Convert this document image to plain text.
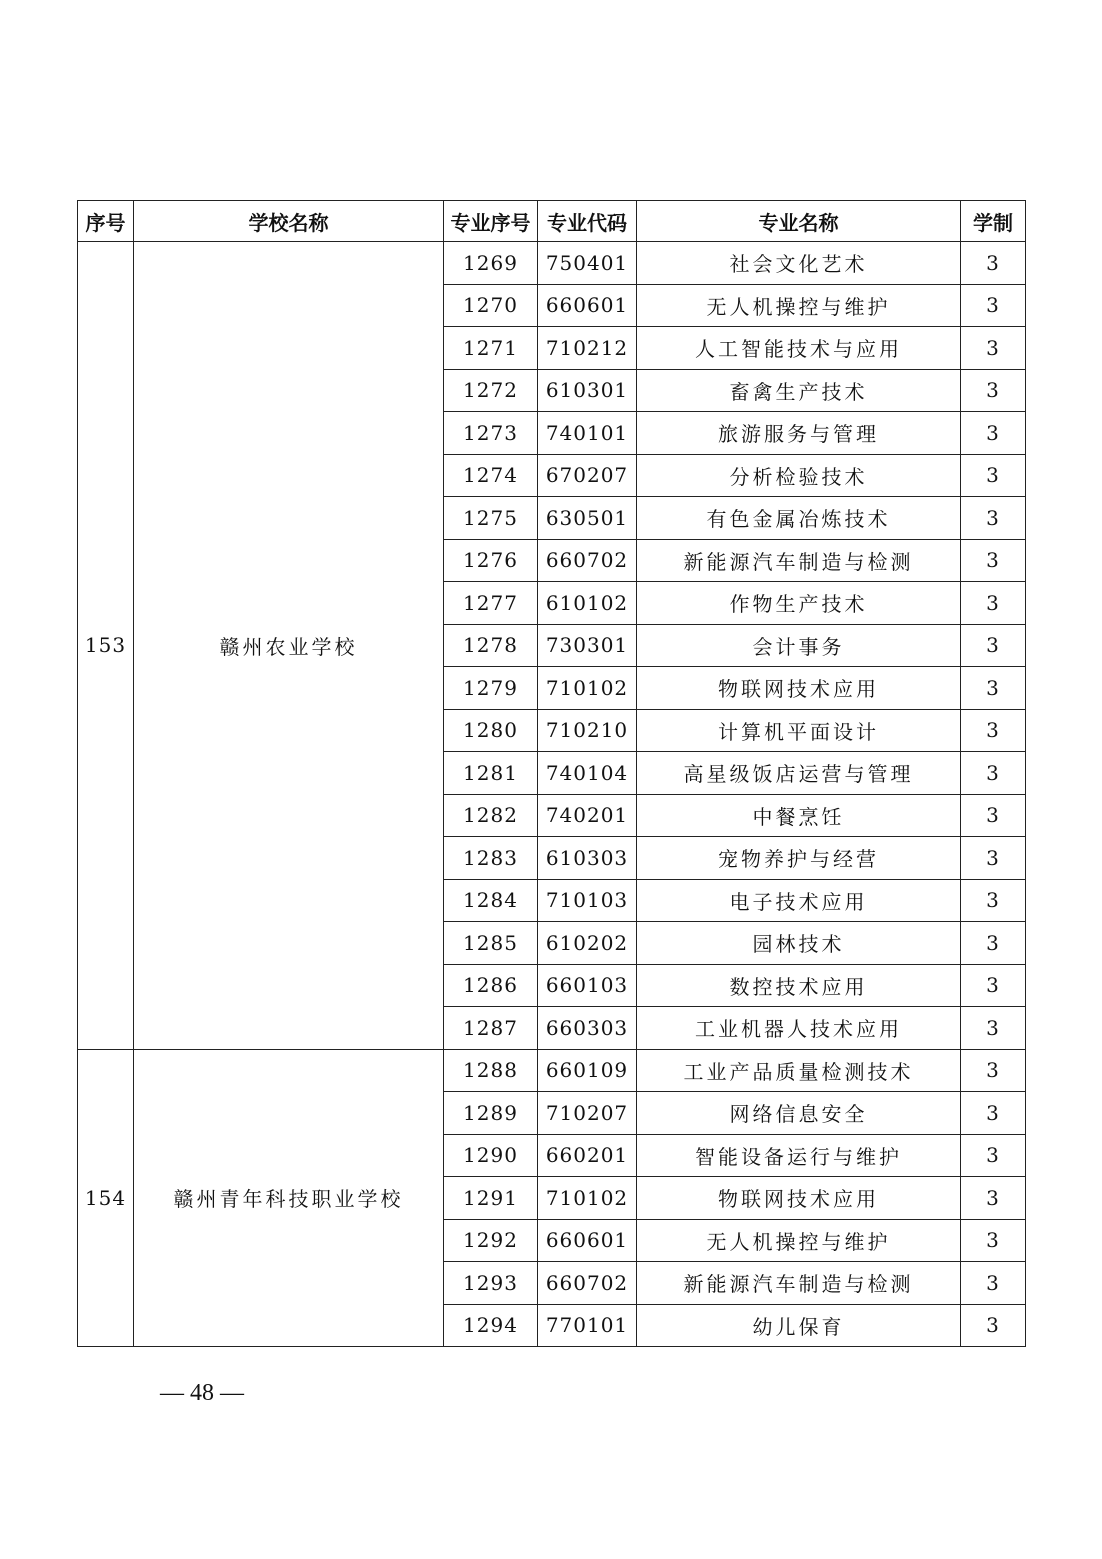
序号	学校名称	专业序号	专业代码	专业名称	学制
153	赣州农业学校	1269	750401	社会文化艺术	3
		1270	660601	无人机操控与维护	3
		1271	710212	人工智能技术与应用	3
		1272	610301	畜禽生产技术	3
		1273	740101	旅游服务与管理	3
		1274	670207	分析检验技术	3
		1275	630501	有色金属冶炼技术	3
		1276	660702	新能源汽车制造与检测	3
		1277	610102	作物生产技术	3
		1278	730301	会计事务	3
		1279	710102	物联网技术应用	3
		1280	710210	计算机平面设计	3
		1281	740104	高星级饭店运营与管理	3
		1282	740201	中餐烹饪	3
		1283	610303	宠物养护与经营	3
		1284	710103	电子技术应用	3
		1285	610202	园林技术	3
		1286	660103	数控技术应用	3
		1287	660303	工业机器人技术应用	3
154	赣州青年科技职业学校	1288	660109	工业产品质量检测技术	3
		1289	710207	网络信息安全	3
		1290	660201	智能设备运行与维护	3
		1291	710102	物联网技术应用	3
		1292	660601	无人机操控与维护	3
		1293	660702	新能源汽车制造与检测	3
		1294	770101	幼儿保育	3
— 48 —
